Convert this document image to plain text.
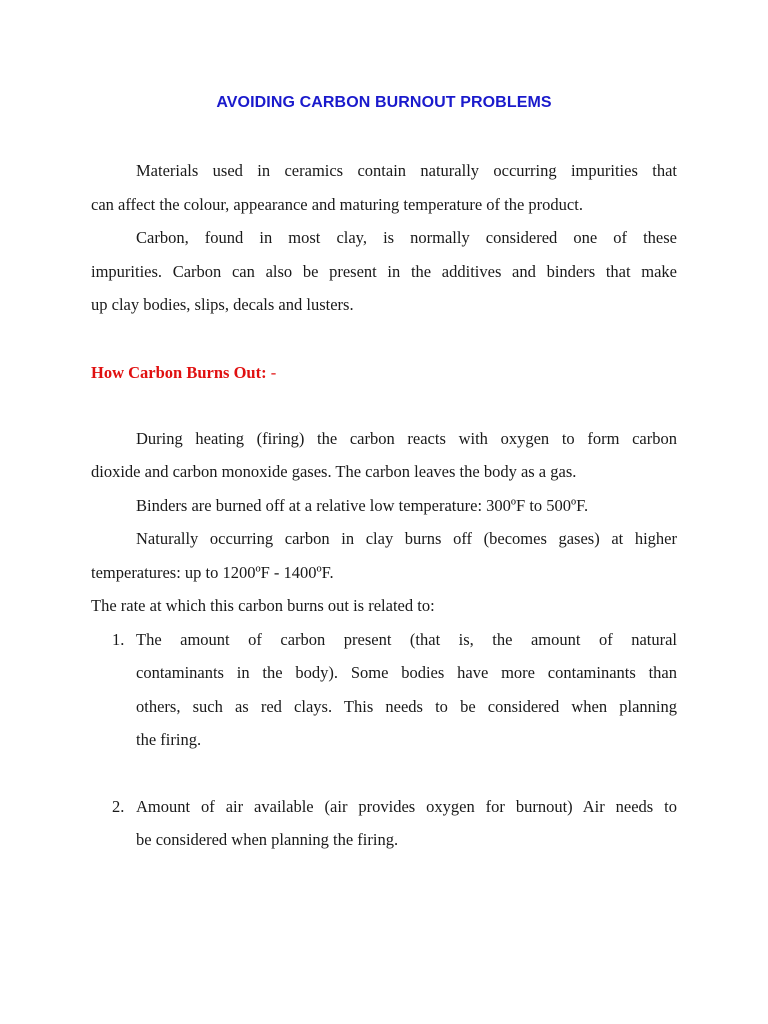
AVOIDING CARBON BURNOUT PROBLEMS
Materials used in ceramics contain naturally occurring impurities that
can affect the colour, appearance and maturing temperature of the product.
Carbon, found in most clay, is normally considered one of these
impurities. Carbon can also be present in the additives and binders that make
up clay bodies, slips, decals and lusters.
How Carbon Burns Out: -
During heating (firing) the carbon reacts with oxygen to form carbon
dioxide and carbon monoxide gases. The carbon leaves the body as a gas.
Binders are burned off at a relative low temperature: 300ºF to 500ºF.
Naturally occurring carbon in clay burns off (becomes gases) at higher
temperatures: up to 1200ºF - 1400ºF.
The rate at which this carbon burns out is related to:
1. The amount of carbon present (that is, the amount of natural
contaminants in the body). Some bodies have more contaminants than
others, such as red clays. This needs to be considered when planning
the firing.
2. Amount of air available (air provides oxygen for burnout) Air needs to
be considered when planning the firing.
